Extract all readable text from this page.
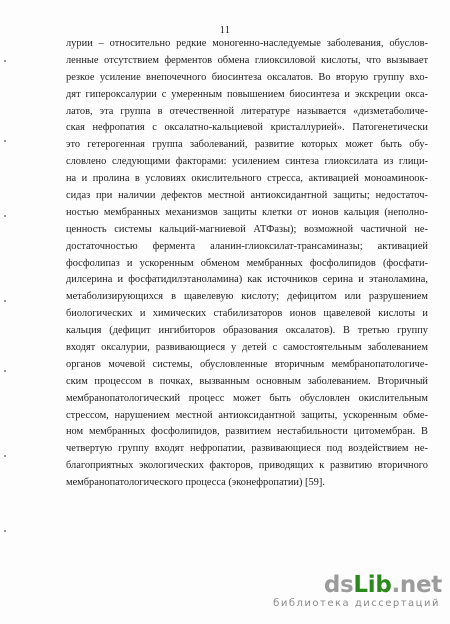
11
лурии – относительно редкие моногенно-наследуемые заболевания, обуслов-
ленные отсутствием ферментов обмена глиоксиловой кислоты, что вызывает
резкое усиление внепочечного биосинтеза оксалатов. Во вторую группу вхо-
дят гипероксалурии с умеренным повышением биосинтеза и экскреции окса-
латов, эта группа в отечественной литературе называется «дизметаболиче-
ская нефропатия с оксалатно-кальциевой кристаллурией». Патогенетически
это гетерогенная группа заболеваний, развитие которых может быть обу-
словлено следующими факторами: усилением синтеза глиоксилата из глици-
на и пролина в условиях окислительного стресса, активацией моноаминоок-
сидаз при наличии дефектов местной антиоксидантной защиты; недостаточ-
ностью мембранных механизмов защиты клетки от ионов кальция (неполно-
ценность системы кальций-магниевой АТФазы); возможной частичной не-
достаточностью фермента аланин-глиоксилат-трансаминазы; активацией
фосфолипаз и ускоренным обменом мембранных фосфолипидов (фосфати-
дилсерина и фосфатидилэтаноламина) как источников серина и этаноламина,
метаболизирующихся в щавелевую кислоту; дефицитом или разрушением
биологических и химических стабилизаторов ионов щавелевой кислоты и
кальция (дефицит ингибиторов образования оксалатов). В третью группу
входят оксалурии, развивающиеся у детей с самостоятельным заболеванием
органов мочевой системы, обусловленные вторичным мембранопатологиче-
ским процессом в почках, вызванным основным заболеванием. Вторичный
мембранопатологический процесс может быть обусловлен окислительным
стрессом, нарушением местной антиоксидантной защиты, ускоренным обме-
ном мембранных фосфолипидов, развитием нестабильности цитомембран. В
четвертую группу входят нефропатии, развивающиеся под воздействием не-
благоприятных экологических факторов, приводящих к развитию вторичного
мембранопатологического процесса (эконефропатии) [59].
dsLib.net
библиотека диссертаций
